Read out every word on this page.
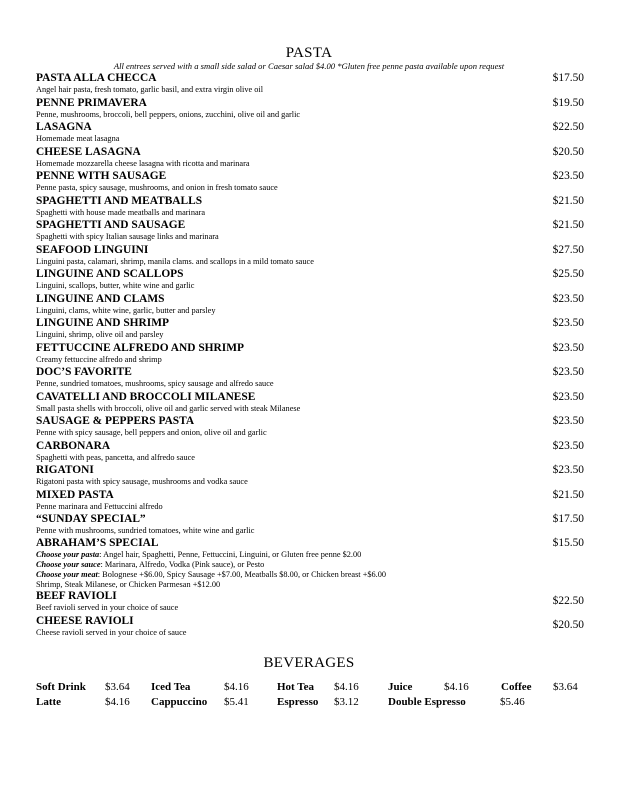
PASTA
All entrees served with a small side salad or Caesar salad $4.00 *Gluten free penne pasta available upon request
PASTA ALLA CHECCA
Angel hair pasta, fresh tomato, garlic basil, and extra virgin olive oil
$17.50
PENNE PRIMAVERA
Penne, mushrooms, broccoli, bell peppers, onions, zucchini, olive oil and garlic
$19.50
LASAGNA
Homemade meat lasagna
$22.50
CHEESE LASAGNA
Homemade mozzarella cheese lasagna with ricotta and marinara
$20.50
PENNE WITH SAUSAGE
Penne pasta, spicy sausage, mushrooms, and onion in fresh tomato sauce
$23.50
SPAGHETTI AND MEATBALLS
Spaghetti with house made meatballs and marinara
$21.50
SPAGHETTI AND SAUSAGE
Spaghetti with spicy Italian sausage links and marinara
$21.50
SEAFOOD LINGUINI
Linguini pasta, calamari, shrimp, manila clams. and scallops in a mild tomato sauce
$27.50
LINGUINE AND SCALLOPS
Linguini, scallops, butter, white wine and garlic
$25.50
LINGUINE AND CLAMS
Linguini, clams, white wine, garlic, butter and parsley
$23.50
LINGUINE AND SHRIMP
Linguini, shrimp, olive oil and parsley
$23.50
FETTUCCINE ALFREDO AND SHRIMP
Creamy fettuccine alfredo and shrimp
$23.50
DOC’S FAVORITE
Penne, sundried tomatoes, mushrooms, spicy sausage and alfredo sauce
$23.50
CAVATELLI AND BROCCOLI MILANESE
Small pasta shells with broccoli, olive oil and garlic served with steak Milanese
$23.50
SAUSAGE & PEPPERS PASTA
Penne with spicy sausage, bell peppers and onion, olive oil and garlic
$23.50
CARBONARA
Spaghetti with peas, pancetta, and alfredo sauce
$23.50
RIGATONI
Rigatoni pasta with spicy sausage, mushrooms and vodka sauce
$23.50
MIXED PASTA
Penne marinara and Fettuccini alfredo
$21.50
“SUNDAY SPECIAL”
Penne with mushrooms, sundried tomatoes, white wine and garlic
$17.50
ABRAHAM’S SPECIAL
Choose your pasta: Angel hair, Spaghetti, Penne, Fettuccini, Linguini, or Gluten free penne $2.00
Choose your sauce: Marinara, Alfredo, Vodka (Pink sauce), or Pesto
Choose your meat: Bolognese +$6.00, Spicy Sausage +$7.00, Meatballs $8.00, or Chicken breast +$6.00
Shrimp, Steak Milanese, or Chicken Parmesan +$12.00
$15.50
BEEF RAVIOLI
Beef ravioli served in your choice of sauce
$22.50
CHEESE RAVIOLI
Cheese ravioli served in your choice of sauce
$20.50
BEVERAGES
Soft Drink $3.64 Iced Tea	$4.16	Hot Tea $4.16	Juice	$4.16	Coffee $3.64
Latte	$4.16 Cappuccino $5.41	Espresso $3.12	Double Espresso	$5.46
